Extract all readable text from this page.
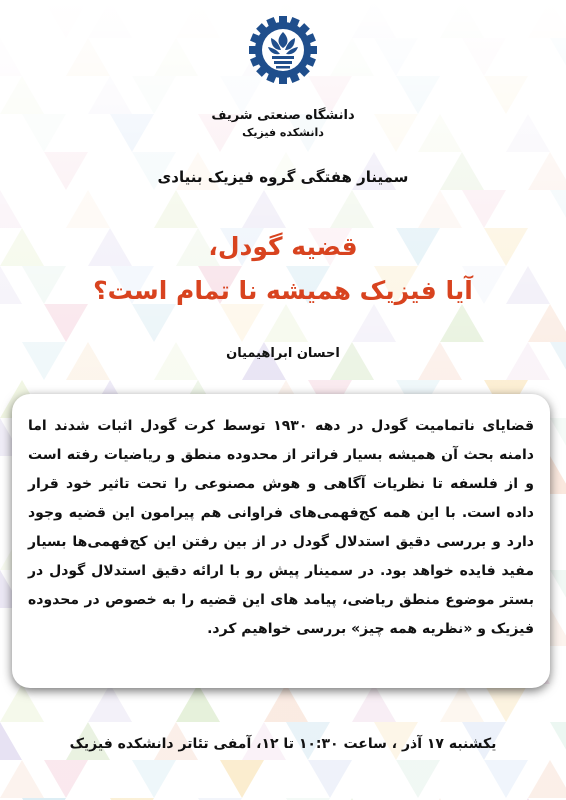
دانشگاه صنعتی شریف
دانشکده فیزیک
سمینار هفتگی گروه فیزیک بنیادی
قضیه گودل،
آیا فیزیک همیشه نا تمام است؟
احسان ابراهیمیان
قضایای ناتمامیت گودل در دهه ۱۹۳۰ توسط کرت گودل اثبات شدند اما دامنه بحث آن همیشه بسیار فراتر از محدوده منطق و ریاضیات رفته است و از فلسفه تا نظریات آگاهی و هوش مصنوعی را تحت تاثیر خود قرار داده است. با این همه کج‌فهمی‌های فراوانی هم پیرامون این قضیه وجود دارد و بررسی دقیق استدلال گودل در از بین رفتن این کج‌فهمی‌ها بسیار مفید فایده خواهد بود. در سمینار پیش رو با ارائه دقیق استدلال گودل در بستر موضوع منطق ریاضی، پیامد های این قضیه را به خصوص در محدوده فیزیک و «نظریه همه چیز» بررسی خواهیم کرد.
یکشنبه ۱۷ آذر ، ساعت ۱۰:۳۰ تا ۱۲، آمفی تئاتر دانشکده فیزیک
